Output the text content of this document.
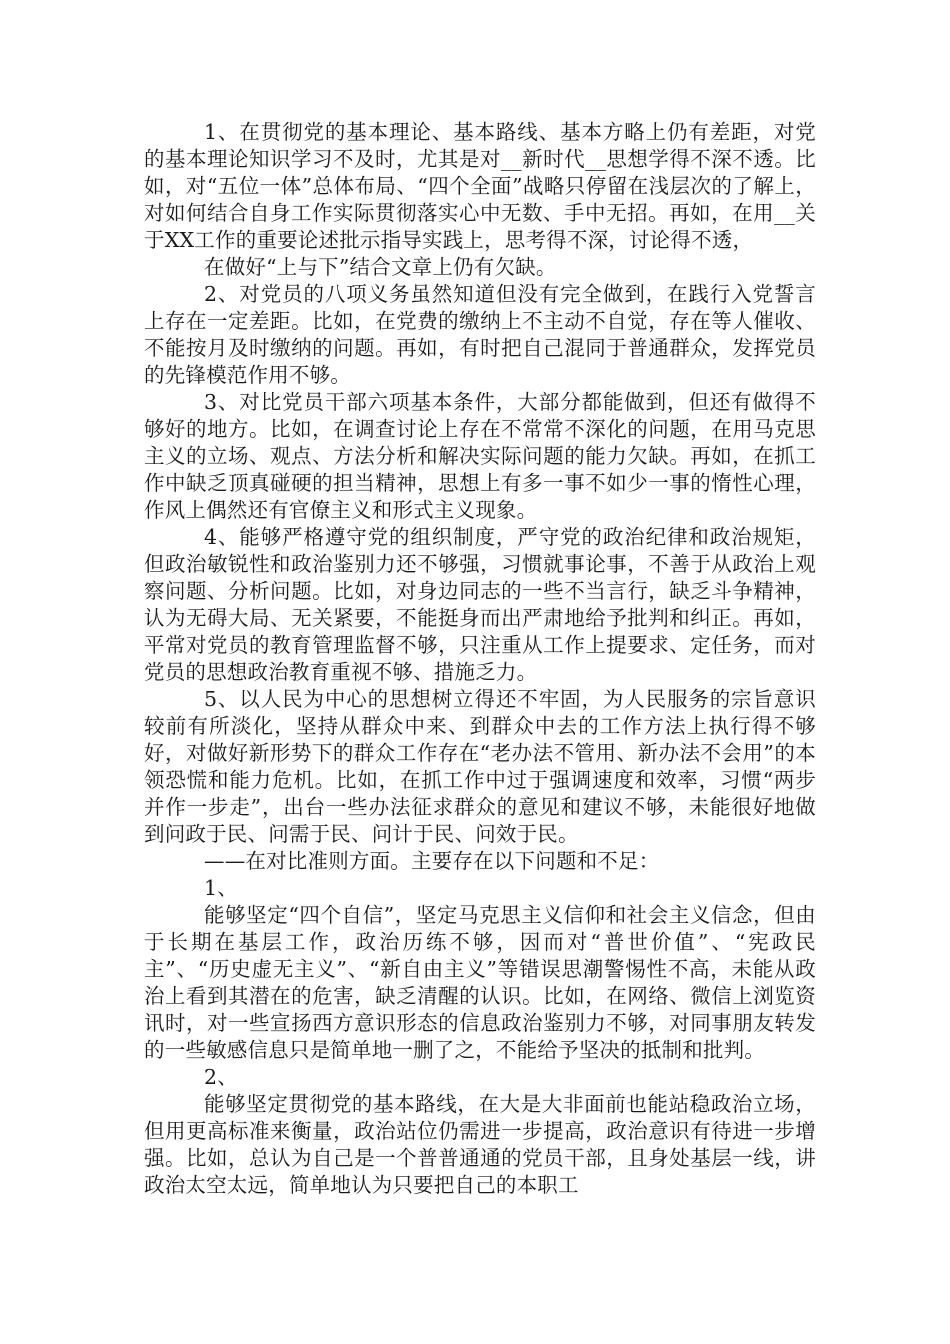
1、在贯彻党的基本理论、基本路线、基本方略上仍有差距，对党的基本理论知识学习不及时，尤其是对__新时代__思想学得不深不透。比如，对“五位一体”总体布局、“四个全面”战略只停留在浅层次的了解上，对如何结合自身工作实际贯彻落实心中无数、手中无招。再如，在用__关于XX工作的重要论述批示指导实践上，思考得不深，讨论得不透，

在做好“上与下”结合文章上仍有欠缺。

2、对党员的八项义务虽然知道但没有完全做到，在践行入党誓言上存在一定差距。比如，在党费的缴纳上不主动不自觉，存在等人催收、不能按月及时缴纳的问题。再如，有时把自己混同于普通群众，发挥党员的先锋模范作用不够。

3、对比党员干部六项基本条件，大部分都能做到，但还有做得不够好的地方。比如，在调查讨论上存在不常常不深化的问题，在用马克思主义的立场、观点、方法分析和解决实际问题的能力欠缺。再如，在抓工作中缺乏顶真碰硬的担当精神，思想上有多一事不如少一事的惰性心理，作风上偶然还有官僚主义和形式主义现象。

4、能够严格遵守党的组织制度，严守党的政治纪律和政治规矩，但政治敏锐性和政治鉴别力还不够强，习惯就事论事，不善于从政治上观察问题、分析问题。比如，对身边同志的一些不当言行，缺乏斗争精神，认为无碍大局、无关紧要，不能挺身而出严肃地给予批判和纠正。再如，平常对党员的教育管理监督不够，只注重从工作上提要求、定任务，而对党员的思想政治教育重视不够、措施乏力。

5、以人民为中心的思想树立得还不牢固，为人民服务的宗旨意识较前有所淡化，坚持从群众中来、到群众中去的工作方法上执行得不够好，对做好新形势下的群众工作存在“老办法不管用、新办法不会用”的本领恐慌和能力危机。比如，在抓工作中过于强调速度和效率，习惯“两步并作一步走”，出台一些办法征求群众的意见和建议不够，未能很好地做到问政于民、问需于民、问计于民、问效于民。

——在对比准则方面。主要存在以下问题和不足：

1、

能够坚定“四个自信”，坚定马克思主义信仰和社会主义信念，但由于长期在基层工作，政治历练不够，因而对“普世价值”、“宪政民主”、“历史虚无主义”、“新自由主义”等错误思潮警惕性不高，未能从政治上看到其潜在的危害，缺乏清醒的认识。比如，在网络、微信上浏览资讯时，对一些宣扬西方意识形态的信息政治鉴别力不够，对同事朋友转发的一些敏感信息只是简单地一删了之，不能给予坚决的抵制和批判。

2、

能够坚定贯彻党的基本路线，在大是大非面前也能站稳政治立场，但用更高标准来衡量，政治站位仍需进一步提高，政治意识有待进一步增强。比如，总认为自己是一个普普通通的党员干部，且身处基层一线，讲政治太空太远，简单地认为只要把自己的本职工
